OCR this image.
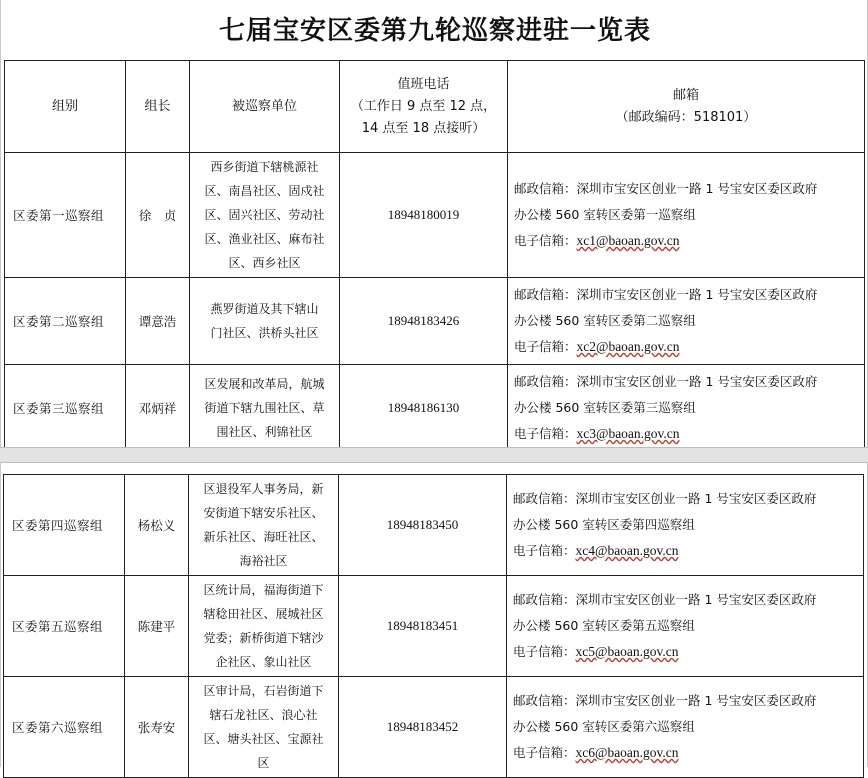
七届宝安区委第九轮巡察进驻一览表
组别	组长	被巡察单位	值班电话
（工作日 9 点至 12 点，
14 点至 18 点接听）	邮箱
（邮政编码：518101）

区委第一巡察组	徐　贞	西乡街道下辖桃源社
区、南昌社区、固戍社
区、固兴社区、劳动社
区、渔业社区、麻布社
区、西乡社区	18948180019	邮政信箱：深圳市宝安区创业一路 1 号宝安区委区政府
办公楼 560 室转区委第一巡察组
电子信箱：xc1@baoan.gov.cn

区委第二巡察组	谭意浩	燕罗街道及其下辖山
门社区、洪桥头社区	18948183426	邮政信箱：深圳市宝安区创业一路 1 号宝安区委区政府
办公楼 560 室转区委第二巡察组
电子信箱：xc2@baoan.gov.cn

区委第三巡察组	邓炳祥	区发展和改革局，航城
街道下辖九围社区、草
围社区、利锦社区	18948186130	邮政信箱：深圳市宝安区创业一路 1 号宝安区委区政府
办公楼 560 室转区委第三巡察组
电子信箱：xc3@baoan.gov.cn
区委第四巡察组	杨松义	区退役军人事务局，新
安街道下辖安乐社区、
新乐社区、海旺社区、
海裕社区	18948183450	邮政信箱：深圳市宝安区创业一路 1 号宝安区委区政府
办公楼 560 室转区委第四巡察组
电子信箱：xc4@baoan.gov.cn

区委第五巡察组	陈建平	区统计局，福海街道下
辖稔田社区、展城社区
党委；新桥街道下辖沙
企社区、象山社区	18948183451	邮政信箱：深圳市宝安区创业一路 1 号宝安区委区政府
办公楼 560 室转区委第五巡察组
电子信箱：xc5@baoan.gov.cn

区委第六巡察组	张寿安	区审计局，石岩街道下
辖石龙社区、浪心社
区、塘头社区、宝源社
区	18948183452	邮政信箱：深圳市宝安区创业一路 1 号宝安区委区政府
办公楼 560 室转区委第六巡察组
电子信箱：xc6@baoan.gov.cn
